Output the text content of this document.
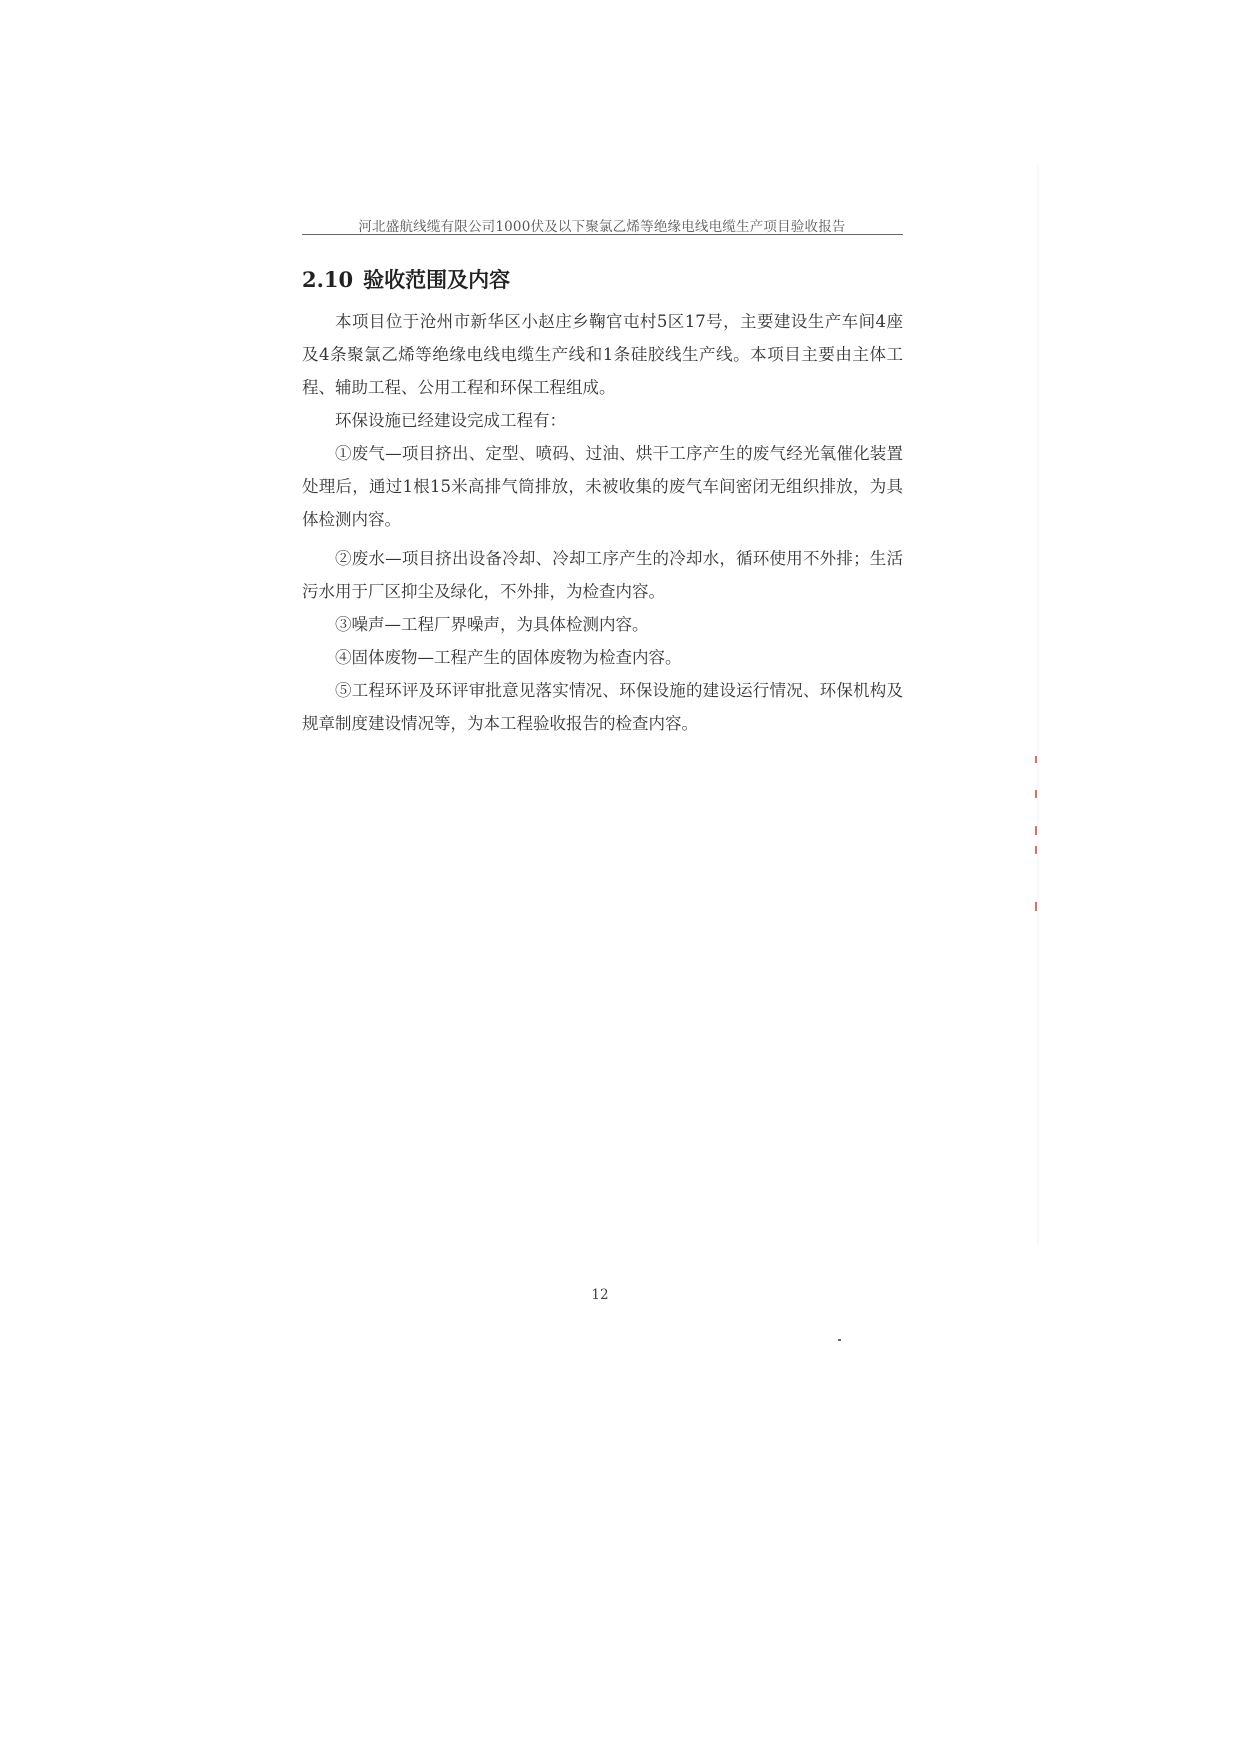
河北盛航线缆有限公司1000伏及以下聚氯乙烯等绝缘电线电缆生产项目验收报告
2.10 验收范围及内容

本项目位于沧州市新华区小赵庄乡鞠官屯村5区17号，主要建设生产车间4座及4条聚氯乙烯等绝缘电线电缆生产线和1条硅胶线生产线。本项目主要由主体工程、辅助工程、公用工程和环保工程组成。

环保设施已经建设完成工程有：

①废气—项目挤出、定型、喷码、过油、烘干工序产生的废气经光氧催化装置处理后，通过1根15米高排气筒排放，未被收集的废气车间密闭无组织排放，为具体检测内容。

②废水—项目挤出设备冷却、冷却工序产生的冷却水，循环使用不外排；生活污水用于厂区抑尘及绿化，不外排，为检查内容。

③噪声—工程厂界噪声，为具体检测内容。

④固体废物—工程产生的固体废物为检查内容。

⑤工程环评及环评审批意见落实情况、环保设施的建设运行情况、环保机构及规章制度建设情况等，为本工程验收报告的检查内容。

12
